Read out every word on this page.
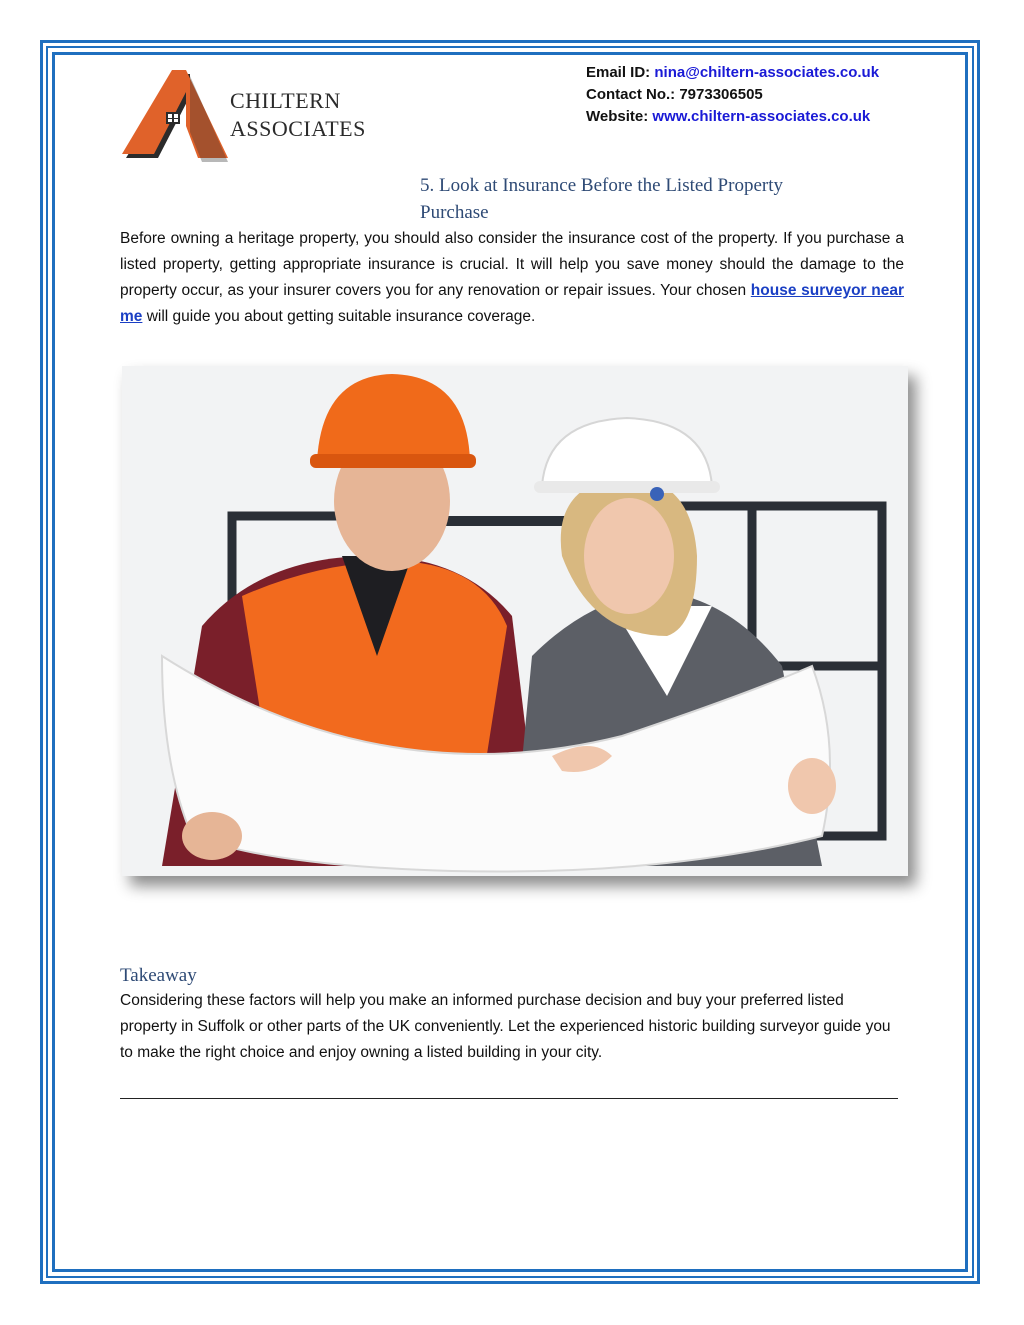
CHILTERN
ASSOCIATES
Email ID: nina@chiltern-associates.co.uk
Contact No.: 7973306505
Website: www.chiltern-associates.co.uk
5. Look at Insurance Before the Listed Property Purchase
Before owning a heritage property, you should also consider the insurance cost of the property. If you purchase a listed property, getting appropriate insurance is crucial. It will help you save money should the damage to the property occur, as your insurer covers you for any renovation or repair issues. Your chosen house surveyor near me will guide you about getting suitable insurance coverage.
Takeaway
Considering these factors will help you make an informed purchase decision and buy your preferred listed property in Suffolk or other parts of the UK conveniently. Let the experienced historic building surveyor guide you to make the right choice and enjoy owning a listed building in your city.
